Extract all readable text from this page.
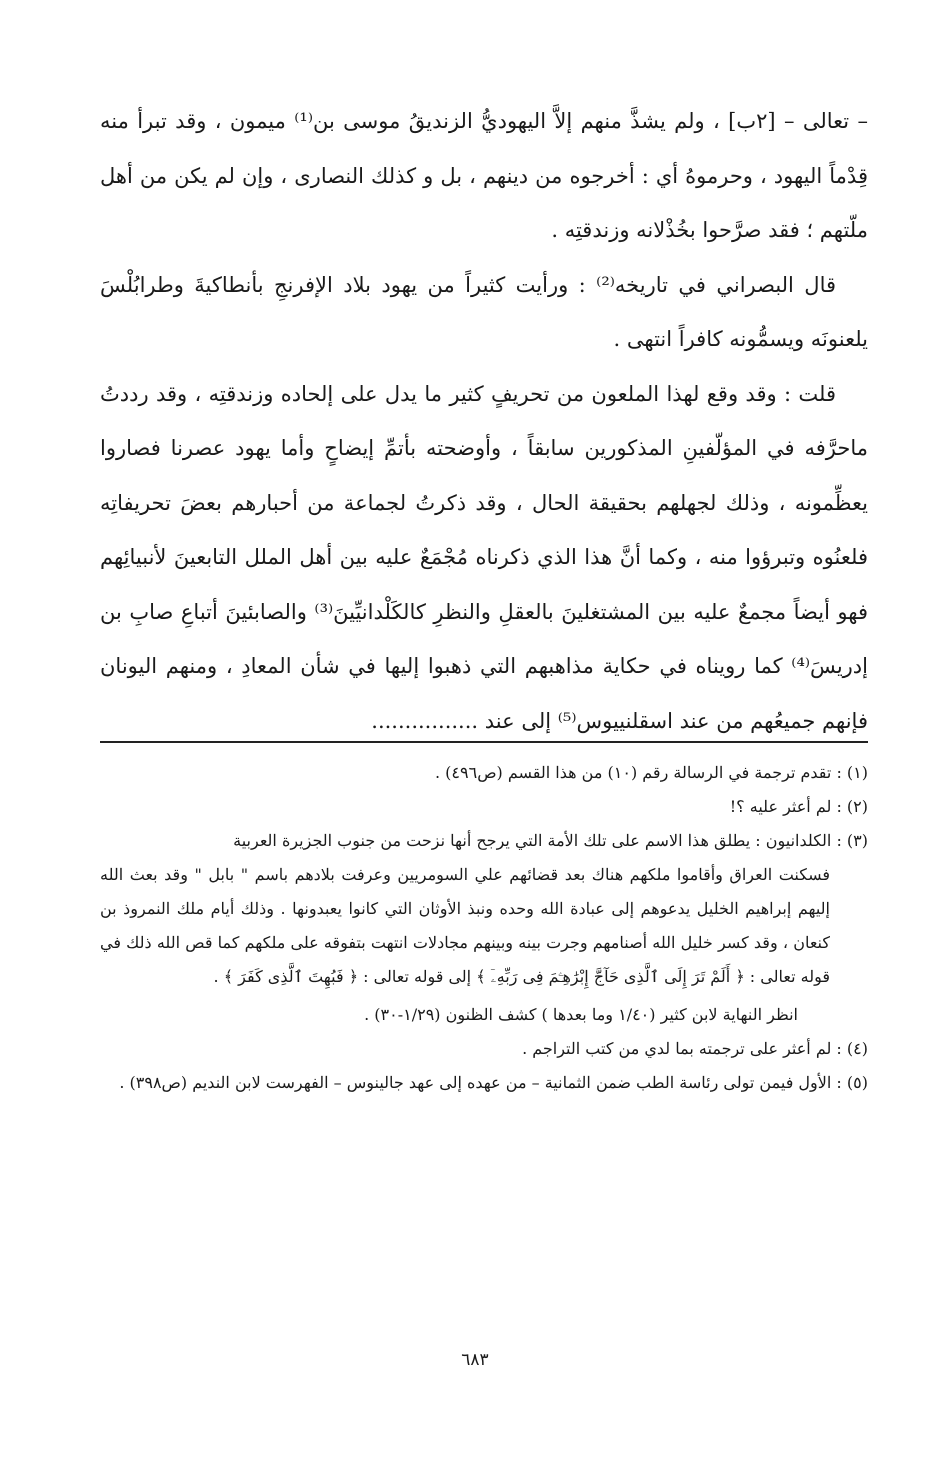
– تعالى – [٢ب] ، ولم يشذَّ منهم إلاَّ اليهوديُّ الزنديقُ موسى بن⁽¹⁾ ميمون ، وقد تبرأ منه قِدْماً اليهود ، وحرموهُ أي : أخرجوه من دينهم ، بل و كذلك النصارى ، وإن لم يكن من أهل ملّتهم ؛ فقد صرَّحوا بخُذْلانه وزندقتِه .

قال البصراني في تاريخه⁽²⁾ : ورأيت كثيراً من يهود بلاد الإفرنجِ بأنطاكيةَ وطرابُلْسَ يلعنونَه ويسمُّونه كافراً انتهى .

قلت : وقد وقع لهذا الملعون من تحريفٍ كثير ما يدل على إلحاده وزندقتِه ، وقد رددتُ ماحرَّفه في المؤلّفينِ المذكورين سابقاً ، وأوضحته بأتمِّ إيضاحٍ وأما يهود عصرنا فصاروا يعظِّمونه ، وذلك لجهلهم بحقيقة الحال ، وقد ذكرتُ لجماعة من أحبارهم بعضَ تحريفاتِه فلعنُوه وتبرؤوا منه ، وكما أنَّ هذا الذي ذكرناه مُجْمَعٌ عليه بين أهل الملل التابعينَ لأنبيائِهم فهو أيضاً مجمعٌ عليه بين المشتغلينَ بالعقلِ والنظرِ كالكَلْدانيِّينَ⁽³⁾ والصابئينَ أتباعِ صابِ بن إدريسَ⁽⁴⁾ كما رويناه في حكاية مذاهبهم التي ذهبوا إليها في شأن المعادِ ، ومنهم اليونان فإنهم جميعُهم من عند اسقلنييوس⁽⁵⁾ إلى عند ................

(١) : تقدم ترجمة في الرسالة رقم (١٠) من هذا القسم (ص٤٩٦) .

(٢) : لم أعثر عليه ؟!

(٣) : الكلدانيون : يطلق هذا الاسم على تلك الأمة التي يرجح أنها نزحت من جنوب الجزيرة العربية

فسكنت العراق وأقاموا ملكهم هناك بعد قضائهم علي السومريين وعرفت بلادهم باسم " بابل " وقد بعث الله إليهم إبراهيم الخليل يدعوهم إلى عبادة الله وحده ونبذ الأوثان التي كانوا يعبدونها . وذلك أيام ملك النمروذ بن كنعان ، وقد كسر خليل الله أصنامهم وجرت بينه وبينهم مجادلات انتهت بتفوقه على ملكهم كما قص الله ذلك في قوله تعالى : ﴿ أَلَمْ تَرَ إِلَى ٱلَّذِى حَآجَّ إِبْرَٰهِـۧمَ فِى رَبِّهِۦٓ ﴾ إلى قوله تعالى : ﴿ فَبُهِتَ ٱلَّذِى كَفَرَ ﴾ .

انظر النهاية لابن كثير (١/٤٠ وما بعدها ) كشف الظنون (١/٢٩-٣٠) .

(٤) : لم أعثر على ترجمته بما لدي من كتب التراجم .

(٥) : الأول فيمن تولى رئاسة الطب ضمن الثمانية – من عهده إلى عهد جالينوس – الفهرست لابن النديم (ص٣٩٨) .

٦٨٣
